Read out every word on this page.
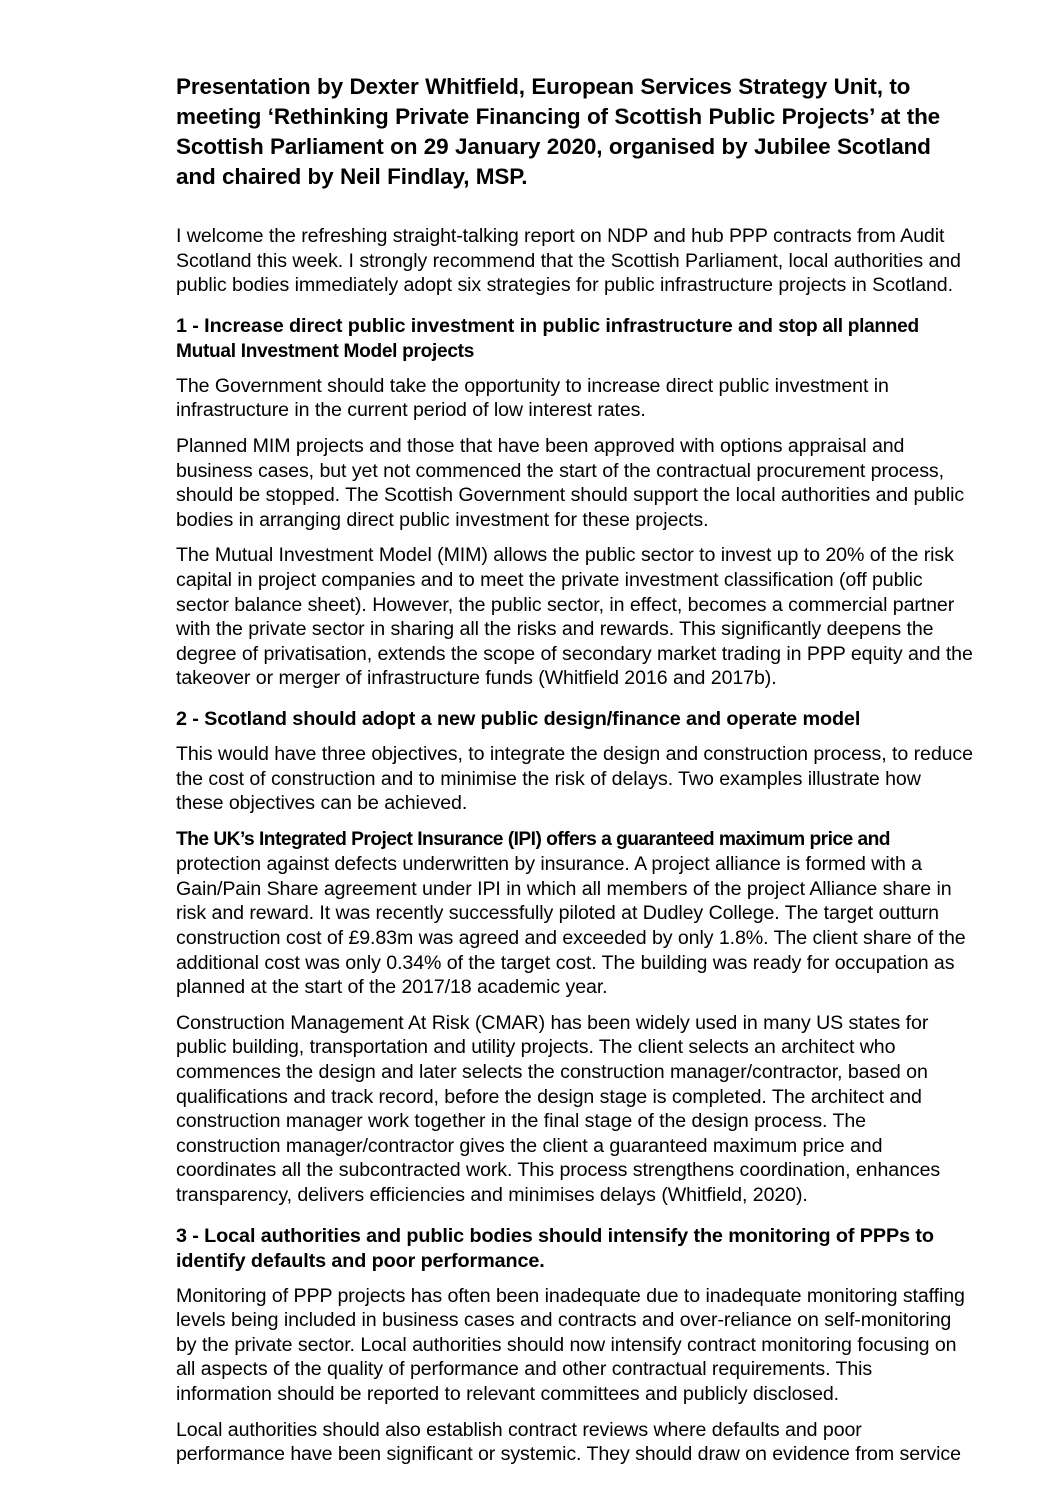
Presentation by Dexter Whitfield, European Services Strategy Unit, to meeting ‘Rethinking Private Financing of Scottish Public Projects’ at the Scottish Parliament on 29 January 2020, organised by Jubilee Scotland and chaired by Neil Findlay, MSP.

I welcome the refreshing straight-talking report on NDP and hub PPP contracts from Audit Scotland this week. I strongly recommend that the Scottish Parliament, local authorities and public bodies immediately adopt six strategies for public infrastructure projects in Scotland.

1 - Increase direct public investment in public infrastructure and stop all planned Mutual Investment Model projects

The Government should take the opportunity to increase direct public investment in infrastructure in the current period of low interest rates.

Planned MIM projects and those that have been approved with options appraisal and business cases, but yet not commenced the start of the contractual procurement process, should be stopped. The Scottish Government should support the local authorities and public bodies in arranging direct public investment for these projects.

The Mutual Investment Model (MIM) allows the public sector to invest up to 20% of the risk capital in project companies and to meet the private investment classification (off public sector balance sheet). However, the public sector, in effect, becomes a commercial partner with the private sector in sharing all the risks and rewards. This significantly deepens the degree of privatisation, extends the scope of secondary market trading in PPP equity and the takeover or merger of infrastructure funds (Whitfield 2016 and 2017b).

2 - Scotland should adopt a new public design/finance and operate model

This would have three objectives, to integrate the design and construction process, to reduce the cost of construction and to minimise the risk of delays. Two examples illustrate how these objectives can be achieved.

The UK’s Integrated Project Insurance (IPI) offers a guaranteed maximum price and protection against defects underwritten by insurance. A project alliance is formed with a Gain/Pain Share agreement under IPI in which all members of the project Alliance share in risk and reward. It was recently successfully piloted at Dudley College. The target outturn construction cost of £9.83m was agreed and exceeded by only 1.8%. The client share of the additional cost was only 0.34% of the target cost. The building was ready for occupation as planned at the start of the 2017/18 academic year.

Construction Management At Risk (CMAR) has been widely used in many US states for public building, transportation and utility projects. The client selects an architect who commences the design and later selects the construction manager/contractor, based on qualifications and track record, before the design stage is completed. The architect and construction manager work together in the final stage of the design process. The construction manager/contractor gives the client a guaranteed maximum price and coordinates all the subcontracted work. This process strengthens coordination, enhances transparency, delivers efficiencies and minimises delays (Whitfield, 2020).

3 - Local authorities and public bodies should intensify the monitoring of PPPs to identify defaults and poor performance.

Monitoring of PPP projects has often been inadequate due to inadequate monitoring staffing levels being included in business cases and contracts and over-reliance on self-monitoring by the private sector. Local authorities should now intensify contract monitoring focusing on all aspects of the quality of performance and other contractual requirements. This information should be reported to relevant committees and publicly disclosed.

Local authorities should also establish contract reviews where defaults and poor performance have been significant or systemic. They should draw on evidence from service
